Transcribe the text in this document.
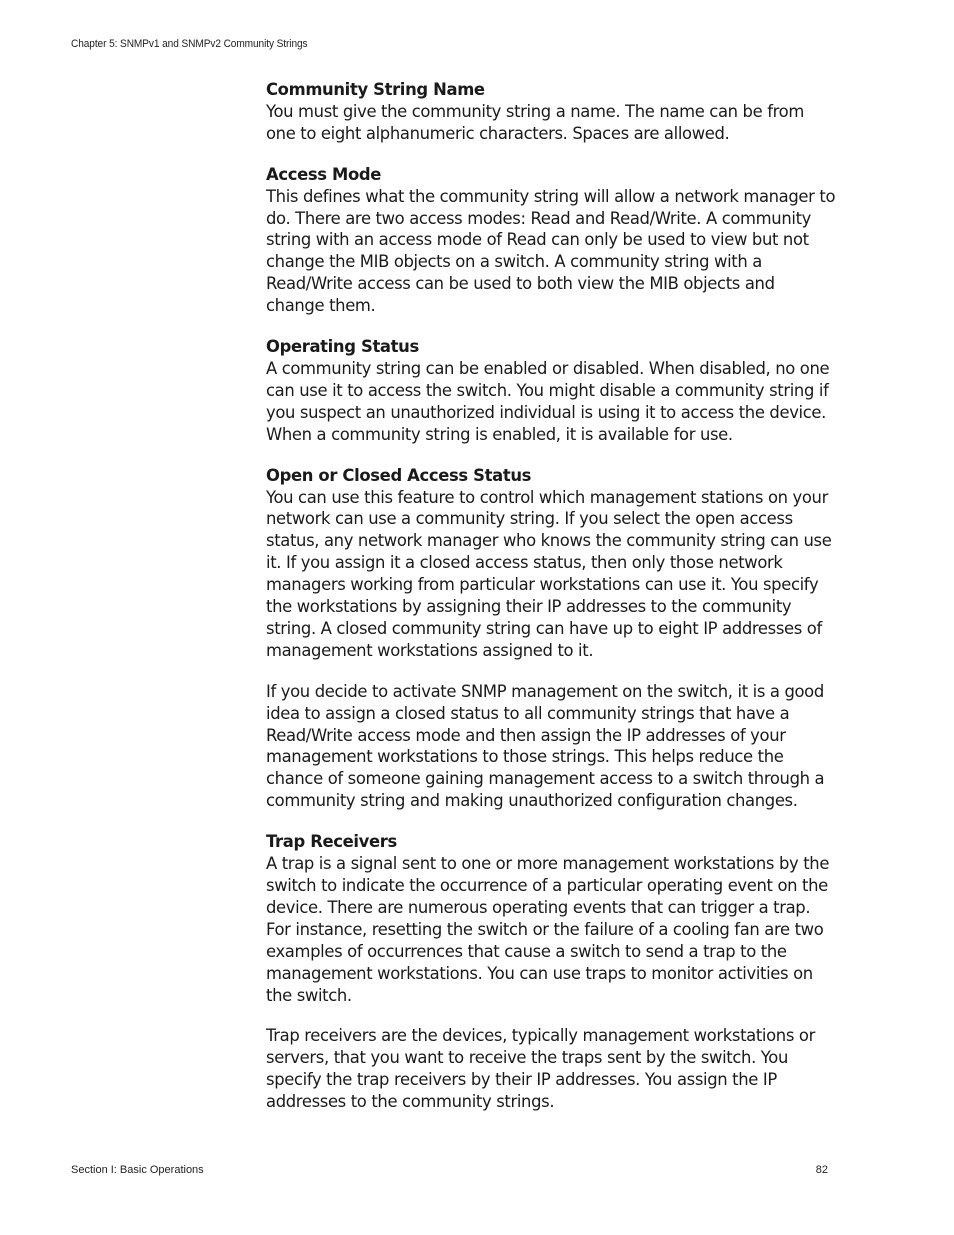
Chapter 5: SNMPv1 and SNMPv2 Community Strings
Community String Name

You must give the community string a name. The name can be from one to eight alphanumeric characters. Spaces are allowed.

Access Mode

This defines what the community string will allow a network manager to do. There are two access modes: Read and Read/Write. A community string with an access mode of Read can only be used to view but not change the MIB objects on a switch. A community string with a Read/Write access can be used to both view the MIB objects and change them.

Operating Status

A community string can be enabled or disabled. When disabled, no one can use it to access the switch. You might disable a community string if you suspect an unauthorized individual is using it to access the device. When a community string is enabled, it is available for use.

Open or Closed Access Status

You can use this feature to control which management stations on your network can use a community string. If you select the open access status, any network manager who knows the community string can use it. If you assign it a closed access status, then only those network managers working from particular workstations can use it. You specify the workstations by assigning their IP addresses to the community string. A closed community string can have up to eight IP addresses of management workstations assigned to it.

If you decide to activate SNMP management on the switch, it is a good idea to assign a closed status to all community strings that have a Read/Write access mode and then assign the IP addresses of your management workstations to those strings. This helps reduce the chance of someone gaining management access to a switch through a community string and making unauthorized configuration changes.

Trap Receivers

A trap is a signal sent to one or more management workstations by the switch to indicate the occurrence of a particular operating event on the device. There are numerous operating events that can trigger a trap. For instance, resetting the switch or the failure of a cooling fan are two examples of occurrences that cause a switch to send a trap to the management workstations. You can use traps to monitor activities on the switch.

Trap receivers are the devices, typically management workstations or servers, that you want to receive the traps sent by the switch. You specify the trap receivers by their IP addresses. You assign the IP addresses to the community strings.

Section I: Basic Operations	82
